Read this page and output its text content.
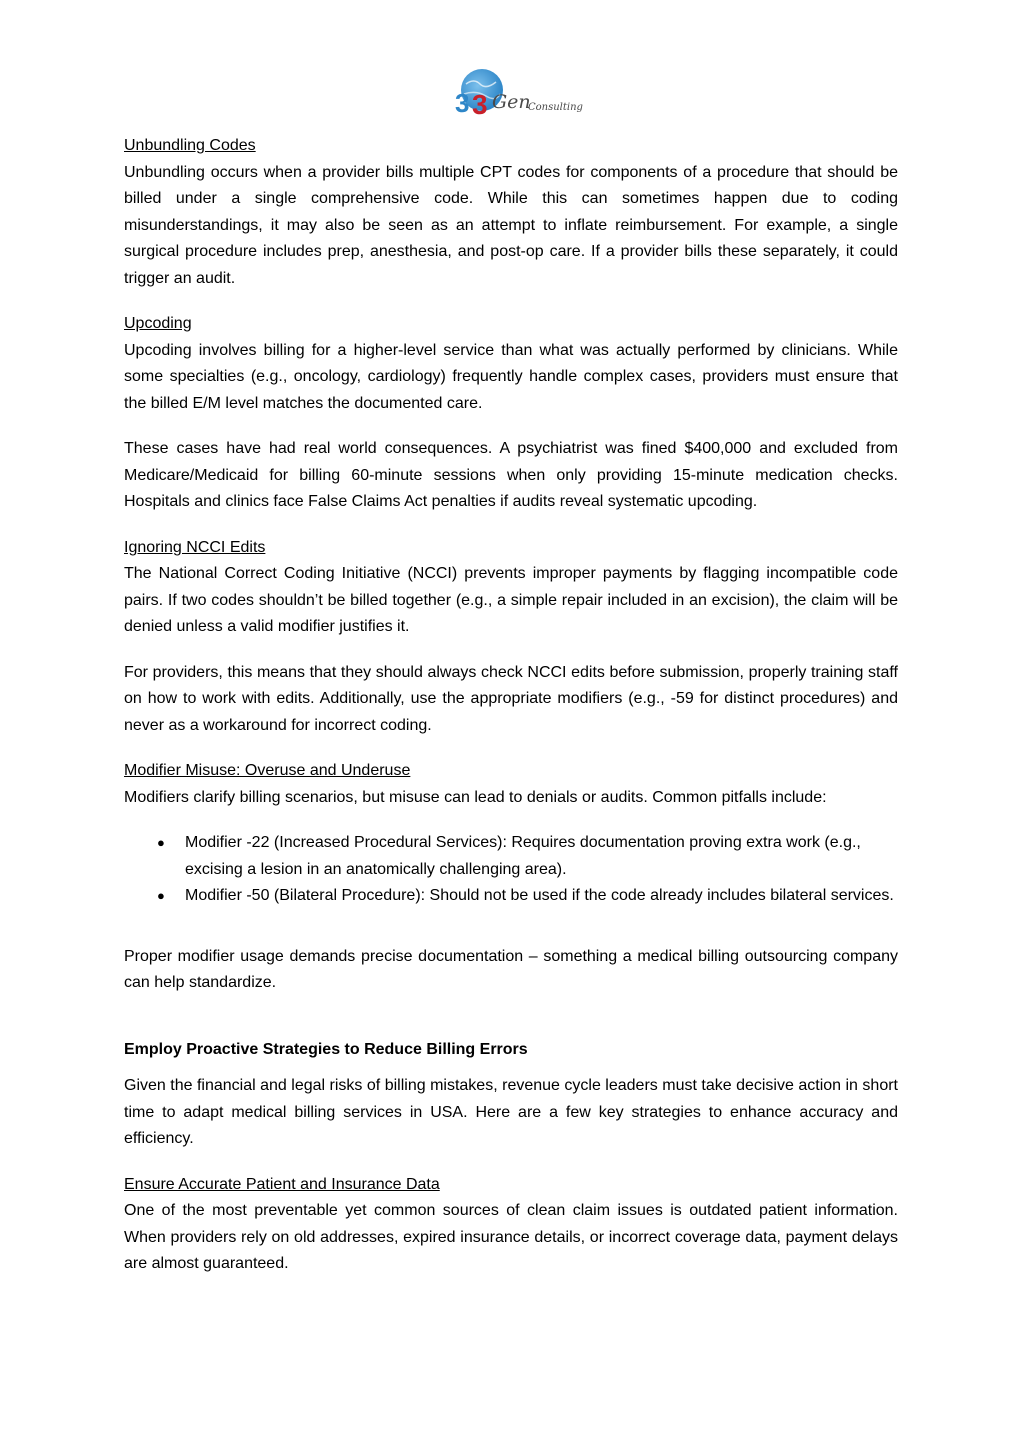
3 3 Gen
Consulting
Unbundling Codes

Unbundling occurs when a provider bills multiple CPT codes for components of a procedure that should be billed under a single comprehensive code. While this can sometimes happen due to coding misunderstandings, it may also be seen as an attempt to inflate reimbursement. For example, a single surgical procedure includes prep, anesthesia, and post-op care. If a provider bills these separately, it could trigger an audit.

Upcoding

Upcoding involves billing for a higher-level service than what was actually performed by clinicians. While some specialties (e.g., oncology, cardiology) frequently handle complex cases, providers must ensure that the billed E/M level matches the documented care.

These cases have had real world consequences. A psychiatrist was fined $400,000 and excluded from Medicare/Medicaid for billing 60-minute sessions when only providing 15-minute medication checks. Hospitals and clinics face False Claims Act penalties if audits reveal systematic upcoding.

Ignoring NCCI Edits

The National Correct Coding Initiative (NCCI) prevents improper payments by flagging incompatible code pairs. If two codes shouldn’t be billed together (e.g., a simple repair included in an excision), the claim will be denied unless a valid modifier justifies it.

For providers, this means that they should always check NCCI edits before submission, properly training staff on how to work with edits. Additionally, use the appropriate modifiers (e.g., -59 for distinct procedures) and never as a workaround for incorrect coding.

Modifier Misuse: Overuse and Underuse

Modifiers clarify billing scenarios, but misuse can lead to denials or audits. Common pitfalls include:

● Modifier -22 (Increased Procedural Services): Requires documentation proving extra work (e.g., excising a lesion in an anatomically challenging area).
● Modifier -50 (Bilateral Procedure): Should not be used if the code already includes bilateral services.

Proper modifier usage demands precise documentation – something a medical billing outsourcing company can help standardize.

Employ Proactive Strategies to Reduce Billing Errors

Given the financial and legal risks of billing mistakes, revenue cycle leaders must take decisive action in short time to adapt medical billing services in USA. Here are a few key strategies to enhance accuracy and efficiency.

Ensure Accurate Patient and Insurance Data

One of the most preventable yet common sources of clean claim issues is outdated patient information. When providers rely on old addresses, expired insurance details, or incorrect coverage data, payment delays are almost guaranteed.
